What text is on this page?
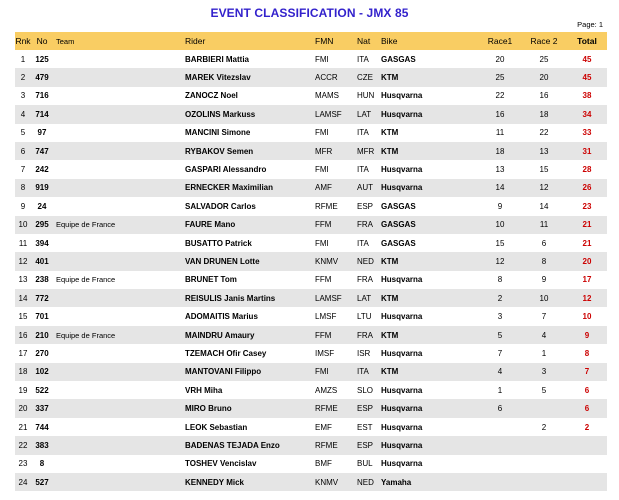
EVENT CLASSIFICATION - JMX 85
Page: 1
Rnk	No	Team	Rider	FMN	Nat	Bike	Race1	Race 2	Total
1	125		BARBIERI Mattia	FMI	ITA	GASGAS	20	25	45
2	479		MAREK Vitezslav	ACCR	CZE	KTM	25	20	45
3	716		ZANOCZ Noel	MAMS	HUN	Husqvarna	22	16	38
4	714		OZOLINS Markuss	LAMSF	LAT	Husqvarna	16	18	34
5	97		MANCINI Simone	FMI	ITA	KTM	11	22	33
6	747		RYBAKOV Semen	MFR	MFR	KTM	18	13	31
7	242		GASPARI Alessandro	FMI	ITA	Husqvarna	13	15	28
8	919		ERNECKER Maximilian	AMF	AUT	Husqvarna	14	12	26
9	24		SALVADOR Carlos	RFME	ESP	GASGAS	9	14	23
10	295	Equipe de France	FAURE Mano	FFM	FRA	GASGAS	10	11	21
11	394		BUSATTO Patrick	FMI	ITA	GASGAS	15	6	21
12	401		VAN DRUNEN Lotte	KNMV	NED	KTM	12	8	20
13	238	Equipe de France	BRUNET Tom	FFM	FRA	Husqvarna	8	9	17
14	772		REISULIS Janis Martins	LAMSF	LAT	KTM	2	10	12
15	701		ADOMAITIS Marius	LMSF	LTU	Husqvarna	3	7	10
16	210	Equipe de France	MAINDRU Amaury	FFM	FRA	KTM	5	4	9
17	270		TZEMACH Ofir Casey	IMSF	ISR	Husqvarna	7	1	8
18	102		MANTOVANI Filippo	FMI	ITA	KTM	4	3	7
19	522		VRH Miha	AMZS	SLO	Husqvarna	1	5	6
20	337		MIRO Bruno	RFME	ESP	Husqvarna	6		6
21	744		LEOK Sebastian	EMF	EST	Husqvarna		2	2
22	383		BADENAS TEJADA Enzo	RFME	ESP	Husqvarna			
23	8		TOSHEV Vencislav	BMF	BUL	Husqvarna			
24	527		KENNEDY Mick	KNMV	NED	Yamaha			
